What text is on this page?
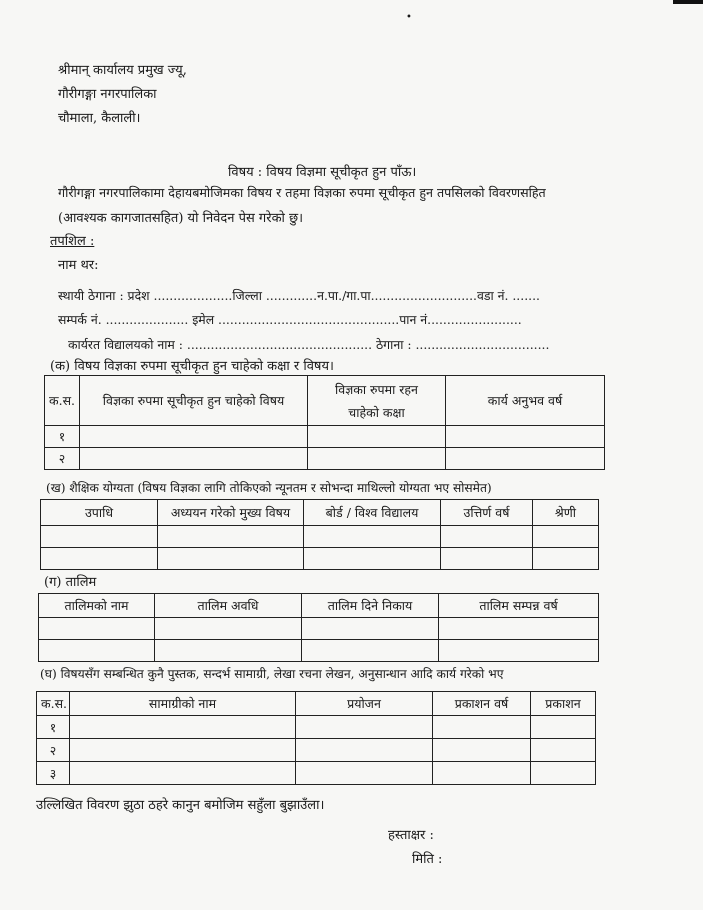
•
श्रीमान् कार्यालय प्रमुख ज्यू,
गौरीगङ्गा नगरपालिका
चौमाला, कैलाली।
विषय : विषय विज्ञमा सूचीकृत हुन पाँऊ।
गौरीगङ्गा नगरपालिकामा देहायबमोजिमका विषय र तहमा विज्ञका रुपमा सूचीकृत हुन तपसिलको विवरणसहित
(आवश्यक कागजातसहित) यो निवेदन पेस गरेको छु।
तपशिल :
नाम थर:
स्थायी ठेगाना : प्रदेश ....................जिल्ला .............न.पा./गा.पा...........................वडा नं. .......
सम्पर्क नं. ..................... इमेल ..............................................पान नं........................
कार्यरत विद्यालयको नाम : ............................................... ठेगाना : ..................................
(क) विषय विज्ञका रुपमा सूचीकृत हुन चाहेको कक्षा र विषय।
क.स.	विज्ञका रुपमा सूचीकृत हुन चाहेको विषय	विज्ञका रुपमा रहन
चाहेको कक्षा	कार्य अनुभव वर्ष
१			
२			
(ख) शैक्षिक योग्यता (विषय विज्ञका लागि तोकिएको न्यूनतम र सोभन्दा माथिल्लो योग्यता भए सोसमेत)
उपाधि	अध्ययन गरेको मुख्य विषय	बोर्ड / विश्व विद्यालय	उत्तिर्ण वर्ष	श्रेणी

(ग) तालिम
तालिमको नाम	तालिम अवधि	तालिम दिने निकाय	तालिम सम्पन्न वर्ष

(घ) विषयसँग सम्बन्धित कुनै पुस्तक, सन्दर्भ सामाग्री, लेखा रचना लेखन, अनुसान्धान आदि कार्य गरेको भए
क.स.	सामाग्रीको नाम	प्रयोजन	प्रकाशन वर्ष	प्रकाशन
१				
२				
३				
उल्लिखित विवरण झुठा ठहरे कानुन बमोजिम सहुँला बुझाउँला।
हस्ताक्षर :
मिति :
